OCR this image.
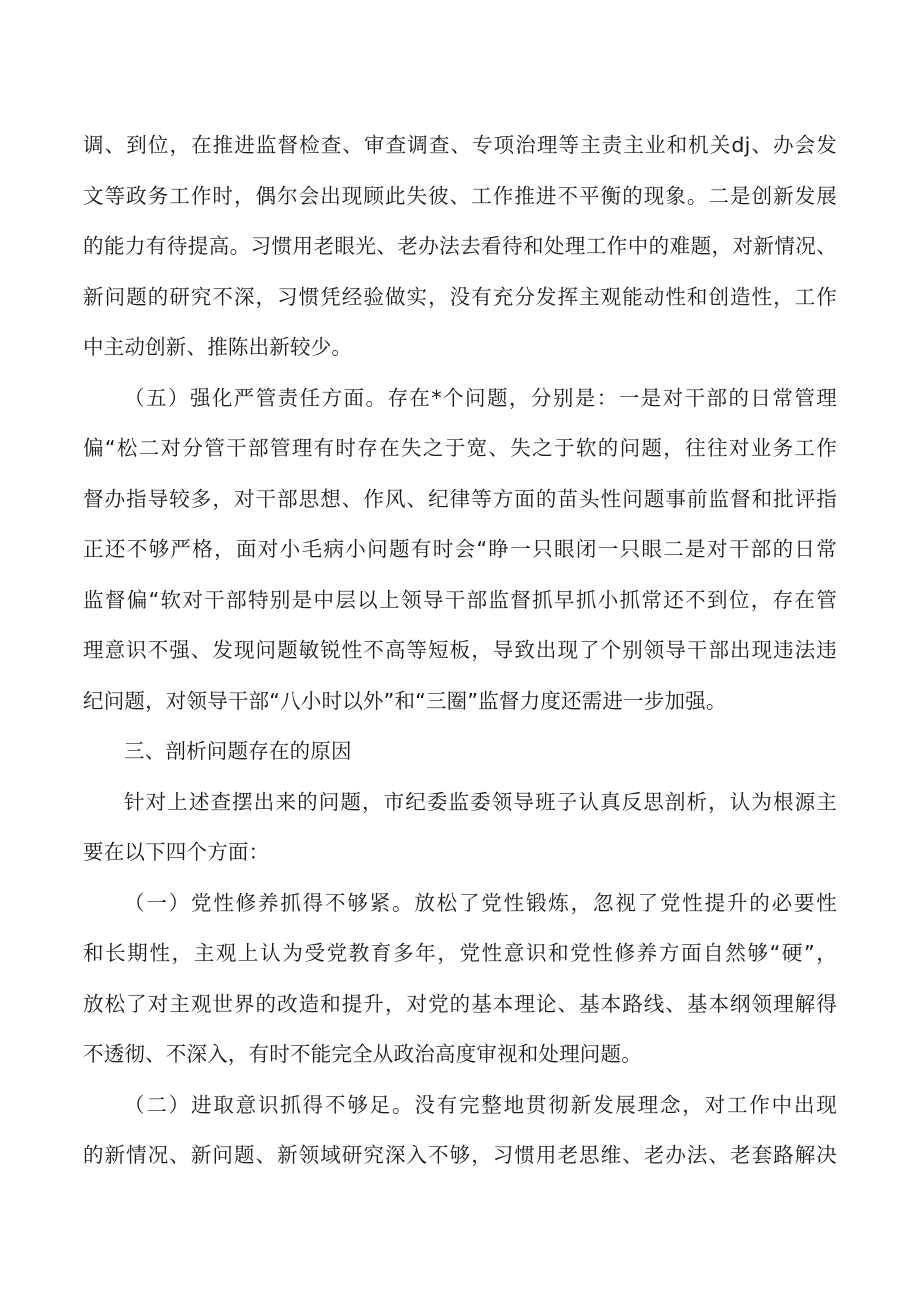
调、到位，在推进监督检查、审查调查、专项治理等主责主业和机关dj、办会发
文等政务工作时，偶尔会出现顾此失彼、工作推进不平衡的现象。二是创新发展
的能力有待提高。习惯用老眼光、老办法去看待和处理工作中的难题，对新情况、
新问题的研究不深，习惯凭经验做实，没有充分发挥主观能动性和创造性，工作
中主动创新、推陈出新较少。
（五）强化严管责任方面。存在*个问题，分别是：一是对干部的日常管理
偏“松二对分管干部管理有时存在失之于宽、失之于软的问题，往往对业务工作
督办指导较多，对干部思想、作风、纪律等方面的苗头性问题事前监督和批评指
正还不够严格，面对小毛病小问题有时会“睁一只眼闭一只眼二是对干部的日常
监督偏“软对干部特别是中层以上领导干部监督抓早抓小抓常还不到位，存在管
理意识不强、发现问题敏锐性不高等短板，导致出现了个别领导干部出现违法违
纪问题，对领导干部“八小时以外”和“三圈”监督力度还需进一步加强。
三、剖析问题存在的原因
针对上述查摆出来的问题，市纪委监委领导班子认真反思剖析，认为根源主
要在以下四个方面：
（一）党性修养抓得不够紧。放松了党性锻炼，忽视了党性提升的必要性
和长期性，主观上认为受党教育多年，党性意识和党性修养方面自然够“硬”，
放松了对主观世界的改造和提升，对党的基本理论、基本路线、基本纲领理解得
不透彻、不深入，有时不能完全从政治高度审视和处理问题。
（二）进取意识抓得不够足。没有完整地贯彻新发展理念，对工作中出现
的新情况、新问题、新领域研究深入不够，习惯用老思维、老办法、老套路解决
